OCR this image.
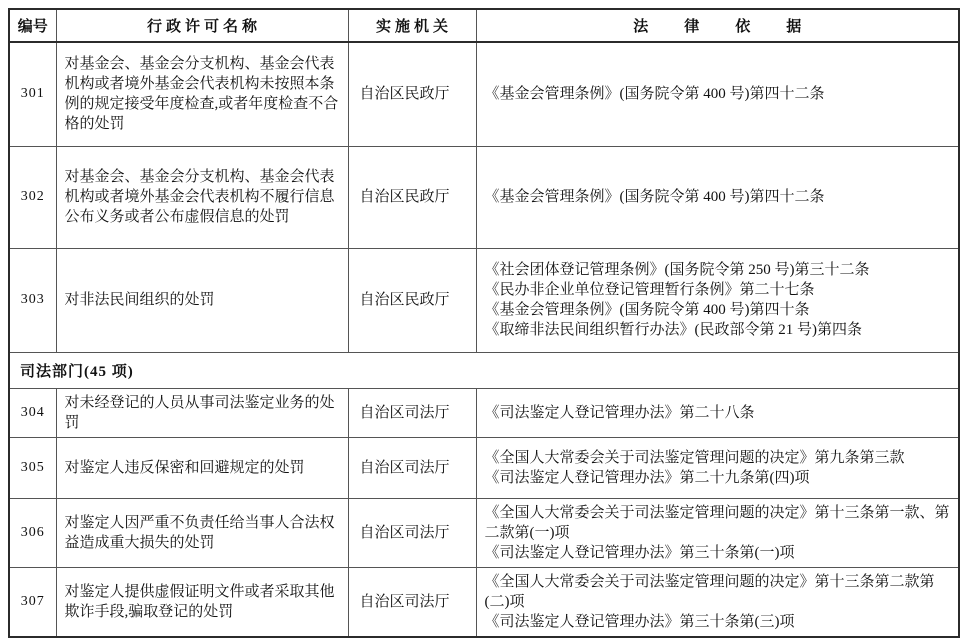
编号	行政许可名称	实施机关	法律依据
301	对基金会、基金会分支机构、基金会代表机构或者境外基金会代表机构未按照本条例的规定接受年度检查,或者年度检查不合格的处罚	自治区民政厅	《基金会管理条例》(国务院令第 400 号)第四十二条

302	对基金会、基金会分支机构、基金会代表机构或者境外基金会代表机构不履行信息公布义务或者公布虚假信息的处罚	自治区民政厅	《基金会管理条例》(国务院令第 400 号)第四十二条

303	对非法民间组织的处罚	自治区民政厅	《社会团体登记管理条例》(国务院令第 250 号)第三十二条
《民办非企业单位登记管理暂行条例》第二十七条
《基金会管理条例》(国务院令第 400 号)第四十条
《取缔非法民间组织暂行办法》(民政部令第 21 号)第四条

司法部门(45 项)			
304	对未经登记的人员从事司法鉴定业务的处罚	自治区司法厅	《司法鉴定人登记管理办法》第二十八条

305	对鉴定人违反保密和回避规定的处罚	自治区司法厅	《全国人大常委会关于司法鉴定管理问题的决定》第九条第三款
《司法鉴定人登记管理办法》第二十九条第(四)项

306	对鉴定人因严重不负责任给当事人合法权益造成重大损失的处罚	自治区司法厅	《全国人大常委会关于司法鉴定管理问题的决定》第十三条第一款、第二款第(一)项
《司法鉴定人登记管理办法》第三十条第(一)项

307	对鉴定人提供虚假证明文件或者采取其他欺诈手段,骗取登记的处罚	自治区司法厅	《全国人大常委会关于司法鉴定管理问题的决定》第十三条第二款第(二)项
《司法鉴定人登记管理办法》第三十条第(三)项
